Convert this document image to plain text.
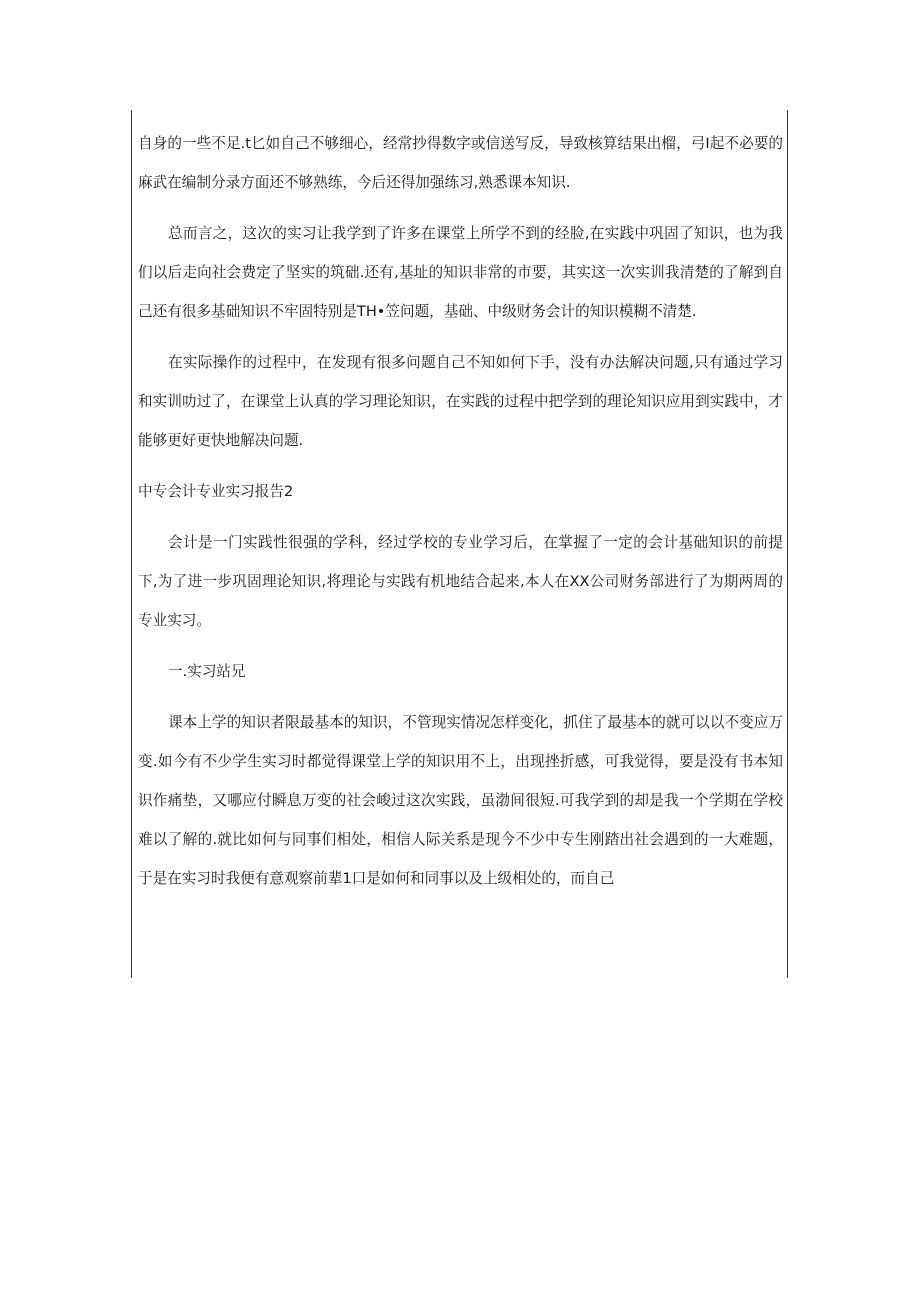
自身的一些不足.t匕如自己不够细心，经常抄得数字或信送写反，导致核算结果出榴，弓I起不必要的麻武在编制分录方面还不够熟练，今后还得加强练习,熟悉课本知识.

总而言之，这次的实习让我学到了许多在课堂上所学不到的经脸,在实践中巩固了知识，也为我们以后走向社会费定了坚实的筑础.还有,基址的知识非常的市要，其实这一次实训我清楚的了解到自己还有很多基础知识不牢固特别是TH•笠问题，基础、中级财务会计的知识模糊不清楚.

在实际操作的过程中，在发现有很多问题自己不知如何下手，没有办法解决问题,只有通过学习和实训叻过了，在课堂上认真的学习理论知识，在实践的过程中把学到的理论知识应用到实践中，才能够更好更快地解决问题.

中专会计专业实习报告2

会计是一门实践性很强的学科，经过学校的专业学习后，在掌握了一定的会计基础知识的前提下,为了进一步巩固理论知识,将理论与实践有机地结合起来,本人在XX公司财务部进行了为期两周的专业实习。

一.实习站兄

课本上学的知识者限最基本的知识，不管现实情况怎样变化，抓住了最基本的就可以以不变应万变.如今有不少学生实习时都觉得课堂上学的知识用不上，出现挫折感，可我觉得，要是没有书本知识作痛垫，又哪应付瞬息万变的社会峻过这次实践，虽渤间很短.可我学到的却是我一个学期在学校难以了解的.就比如何与同事们相处，相信人际关系是现今不少中专生刚踏出社会遇到的一大难题，于是在实习时我便有意观察前辈1口是如何和同事以及上级相处的，而自己
